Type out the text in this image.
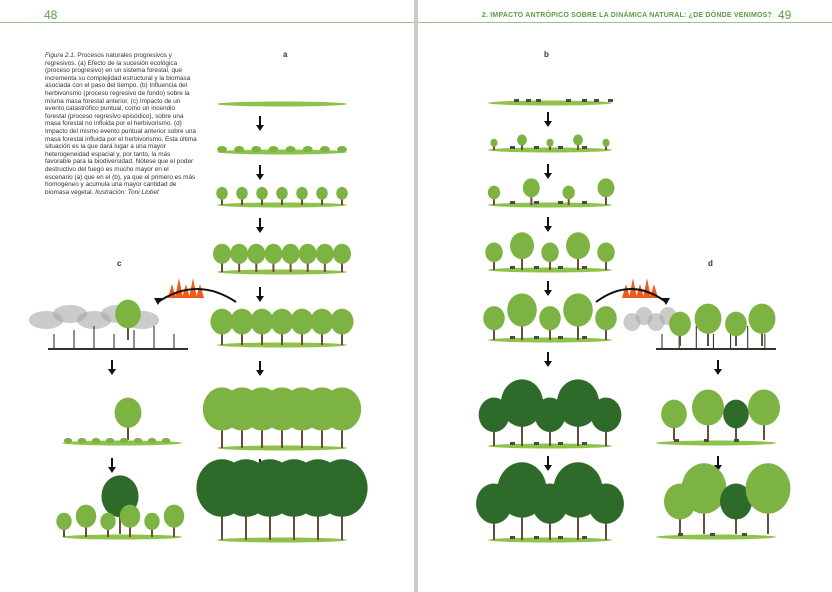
48
Figura 2.1. Procesos naturales progresivos y regresivos. (a) Efecto de la sucesión ecológica (proceso progresivo) en un sistema forestal, que incrementa su complejidad estructural y la biomasa asociada con el paso del tiempo. (b) Influencia del herbivorismo (proceso regresivo de fondo) sobre la misma masa forestal anterior. (c) Impacto de un evento catastrófico puntual, como un incendio forestal (proceso regresivo episódico), sobre una masa forestal no influida por el herbivorismo. (d) Impacto del mismo evento puntual anterior sobre una masa forestal influida por el herbivorismo. Esta última situación es la que dará lugar a una mayor heterogeneidad espacial y, por tanto, la más favorable para la biodiversidad. Nótese que el poder destructivo del fuego es mucho mayor en el escenario (a) que en el (b), ya que el primero es más homogéneo y acumula una mayor cantidad de biomasa vegetal. Ilustración: Toni Llobet
a
c
2. IMPACTO ANTRÓPICO SOBRE LA DINÁMICA NATURAL: ¿DE DÓNDE VENIMOS? 49
b
d
